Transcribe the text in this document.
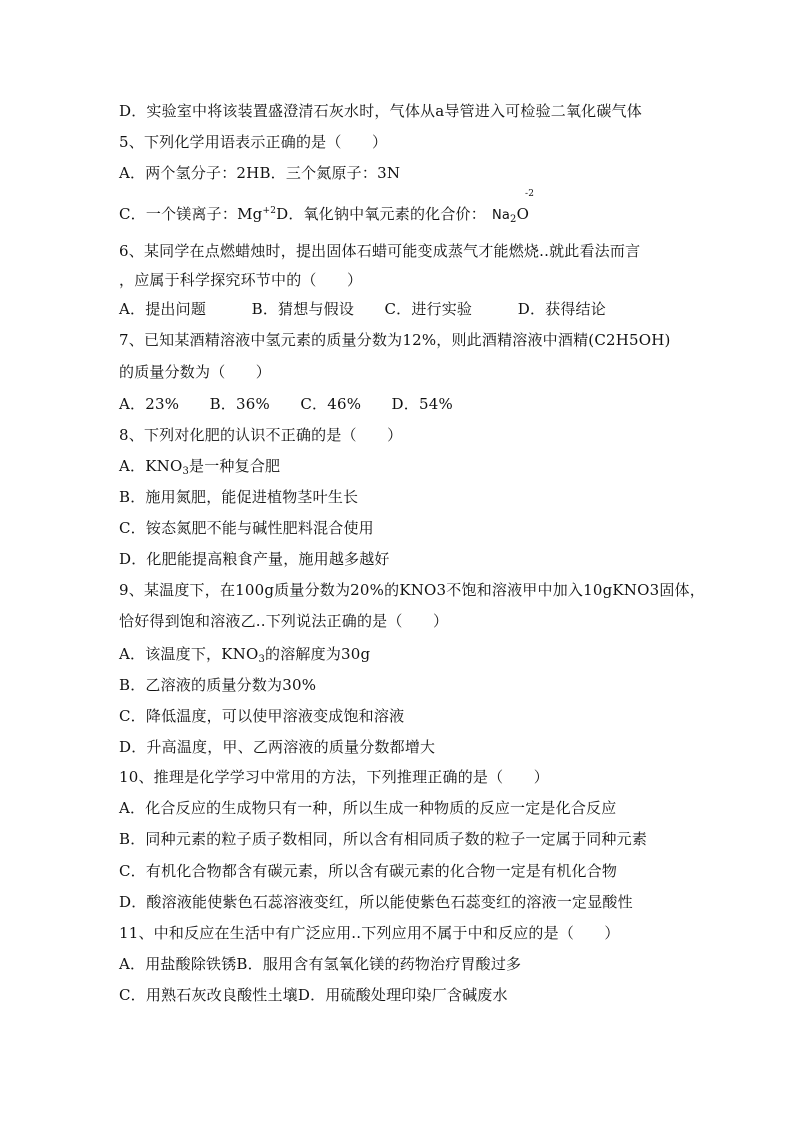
D．实验室中将该装置盛澄清石灰水时，气体从a导管进入可检验二氧化碳气体
5、下列化学用语表示正确的是（　　）
A．两个氢分子：2HB．三个氮原子：3N
C．一个镁离子：$Mg^{+2}D$．氧化钠中氧元素的化合价： $Na_2$
-2
O
6、某同学在点燃蜡烛时，提出固体石蜡可能变成蒸气才能燃烧..就此看法而言
，应属于科学探究环节中的（　　）
A．提出问题　　　B．猜想与假设　　C．进行实验　　　D．获得结论
7、已知某酒精溶液中氢元素的质量分数为12%，则此酒精溶液中酒精(C2H5OH)
的质量分数为（　　）
A．23%　　B．36%　　C．46%　　D．54%
8、下列对化肥的认识不正确的是（　　）
A．$KNO_3$是一种复合肥
B．施用氮肥，能促进植物茎叶生长
C．铵态氮肥不能与碱性肥料混合使用
D．化肥能提高粮食产量，施用越多越好
9、某温度下，在100g质量分数为20%的KNO3不饱和溶液甲中加入10gKNO3固体，
恰好得到饱和溶液乙..下列说法正确的是（　　）
A．该温度下，$KNO_3$的溶解度为30g
B．乙溶液的质量分数为30%
C．降低温度，可以使甲溶液变成饱和溶液
D．升高温度，甲、乙两溶液的质量分数都增大
10、推理是化学学习中常用的方法，下列推理正确的是（　　）
A．化合反应的生成物只有一种，所以生成一种物质的反应一定是化合反应
B．同种元素的粒子质子数相同，所以含有相同质子数的粒子一定属于同种元素
C．有机化合物都含有碳元素，所以含有碳元素的化合物一定是有机化合物
D．酸溶液能使紫色石蕊溶液变红，所以能使紫色石蕊变红的溶液一定显酸性
11、中和反应在生活中有广泛应用..下列应用不属于中和反应的是（　　）
A．用盐酸除铁锈B．服用含有氢氧化镁的药物治疗胃酸过多
C．用熟石灰改良酸性土壤D．用硫酸处理印染厂含碱废水
